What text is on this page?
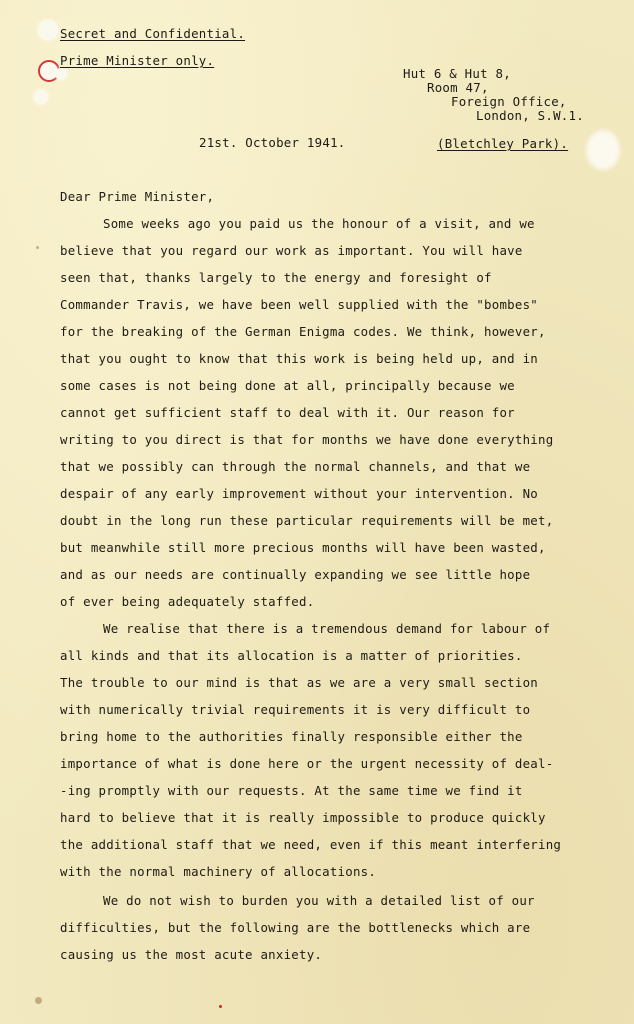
Secret and Confidential.
Prime Minister only.
Hut 6 & Hut 8,
Room 47,
Foreign Office,
London, S.W.1.
21st. October 1941.	(Bletchley Park).
Dear Prime Minister,
Some weeks ago you paid us the honour of a visit, and we
believe that you regard our work as important. You will have
seen that, thanks largely to the energy and foresight of
Commander Travis, we have been well supplied with the "bombes"
for the breaking of the German Enigma codes. We think, however,
that you ought to know that this work is being held up, and in
some cases is not being done at all, principally because we
cannot get sufficient staff to deal with it. Our reason for
writing to you direct is that for months we have done everything
that we possibly can through the normal channels, and that we
despair of any early improvement without your intervention. No
doubt in the long run these particular requirements will be met,
but meanwhile still more precious months will have been wasted,
and as our needs are continually expanding we see little hope
of ever being adequately staffed.
We realise that there is a tremendous demand for labour of
all kinds and that its allocation is a matter of priorities.
The trouble to our mind is that as we are a very small section
with numerically trivial requirements it is very difficult to
bring home to the authorities finally responsible either the
importance of what is done here or the urgent necessity of deal-
-ing promptly with our requests. At the same time we find it
hard to believe that it is really impossible to produce quickly
the additional staff that we need, even if this meant interfering
with the normal machinery of allocations.
We do not wish to burden you with a detailed list of our
difficulties, but the following are the bottlenecks which are
causing us the most acute anxiety.
